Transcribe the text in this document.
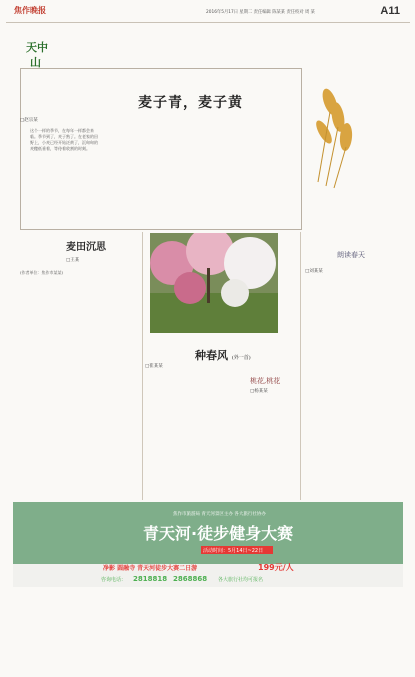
焦作晚报	2016年5月17日 星期二 责任编辑 陈某某 责任校对 周 某	A11
天中
山
麦子青，麦子黄
□赵宗某
这个一样的季节，在每年一样都会来临。季节到了，麦子熟了。在老家的田野上，小麦已经开始泛黄了，沉甸甸的麦穗低垂着，等待着收割的时刻。
麦田沉思
□王某
(作者单位：焦作市某某)
种春风 (外一首)
□崔某某
桃花,桃花
□杨某某
朗读春天
□刘某某
焦作市旅游局 青天河景区主办 各大旅行社协办
青天河·徒步健身大赛
活动时间：5月14日~22日
净影 圆融寺 青天河徒步大赛二日游	199元/人
咨询电话： 2818818 2868868 各大旅行社均可报名
